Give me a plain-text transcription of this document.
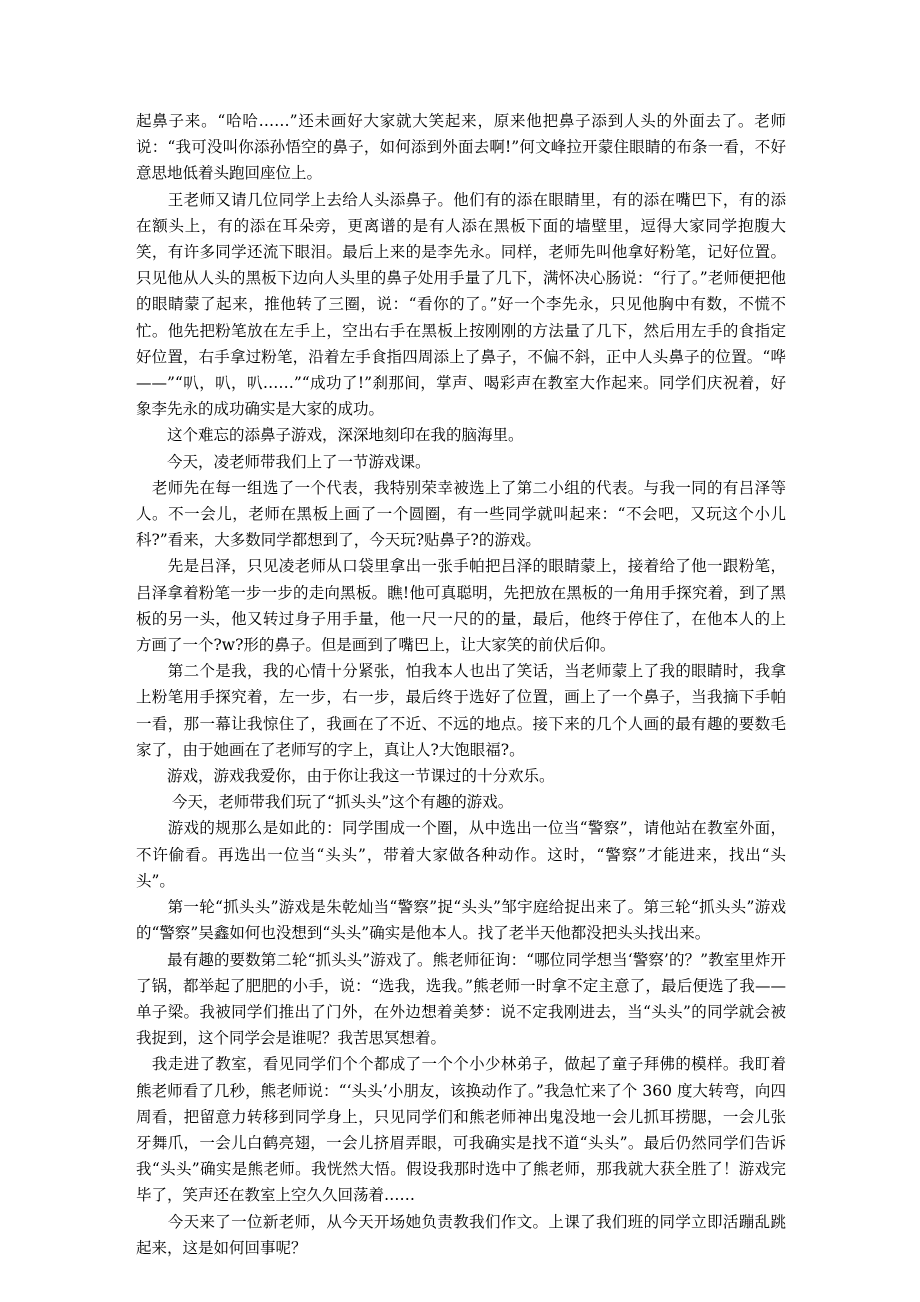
起鼻子来。“哈哈……”还未画好大家就大笑起来，原来他把鼻子添到人头的外面去了。老师说：“我可没叫你添孙悟空的鼻子，如何添到外面去啊!”何文峰拉开蒙住眼睛的布条一看，不好意思地低着头跑回座位上。

　　王老师又请几位同学上去给人头添鼻子。他们有的添在眼睛里，有的添在嘴巴下，有的添在额头上，有的添在耳朵旁，更离谱的是有人添在黑板下面的墙壁里，逗得大家同学抱腹大笑，有许多同学还流下眼泪。最后上来的是李先永。同样，老师先叫他拿好粉笔，记好位置。只见他从人头的黑板下边向人头里的鼻子处用手量了几下，满怀决心肠说：“行了。”老师便把他的眼睛蒙了起来，推他转了三圈，说：“看你的了。”好一个李先永，只见他胸中有数，不慌不忙。他先把粉笔放在左手上，空出右手在黑板上按刚刚的方法量了几下，然后用左手的食指定好位置，右手拿过粉笔，沿着左手食指四周添上了鼻子，不偏不斜，正中人头鼻子的位置。“哗——”“叭，叭，叭……”“成功了!”刹那间，掌声、喝彩声在教室大作起来。同学们庆祝着，好象李先永的成功确实是大家的成功。

　　这个难忘的添鼻子游戏，深深地刻印在我的脑海里。

　　今天，凌老师带我们上了一节游戏课。

　老师先在每一组选了一个代表，我特别荣幸被选上了第二小组的代表。与我一同的有吕泽等人。不一会儿，老师在黑板上画了一个圆圈，有一些同学就叫起来：“不会吧，又玩这个小儿科?”看来，大多数同学都想到了，今天玩?贴鼻子?的游戏。

　　先是吕泽，只见凌老师从口袋里拿出一张手帕把吕泽的眼睛蒙上，接着给了他一跟粉笔，吕泽拿着粉笔一步一步的走向黑板。瞧!他可真聪明，先把放在黑板的一角用手探究着，到了黑板的另一头，他又转过身子用手量，他一尺一尺的的量，最后，他终于停住了，在他本人的上方画了一个?w?形的鼻子。但是画到了嘴巴上，让大家笑的前伏后仰。

　　第二个是我，我的心情十分紧张，怕我本人也出了笑话，当老师蒙上了我的眼睛时，我拿上粉笔用手探究着，左一步，右一步，最后终于选好了位置，画上了一个鼻子，当我摘下手帕一看，那一幕让我惊住了，我画在了不近、不远的地点。接下来的几个人画的最有趣的要数毛家了，由于她画在了老师写的字上，真让人?大饱眼福?。

　　游戏，游戏我爱你，由于你让我这一节课过的十分欢乐。

　　 今天，老师带我们玩了“抓头头”这个有趣的游戏。

　　游戏的规那么是如此的：同学围成一个圈，从中选出一位当“警察”，请他站在教室外面，不许偷看。再选出一位当“头头”，带着大家做各种动作。这时，“警察”才能进来，找出“头头”。

　　第一轮“抓头头”游戏是朱乾灿当“警察”捉“头头”邹宇庭给捉出来了。第三轮“抓头头”游戏的“警察”吴鑫如何也没想到“头头”确实是他本人。找了老半天他都没把头头找出来。

　　最有趣的要数第二轮“抓头头”游戏了。熊老师征询：“哪位同学想当‘警察’的？”教室里炸开了锅，都举起了肥肥的小手，说：“选我，选我。”熊老师一时拿不定主意了，最后便选了我——单子梁。我被同学们推出了门外，在外边想着美梦：说不定我刚进去，当“头头”的同学就会被我捉到，这个同学会是谁呢？我苦思冥想着。

　我走进了教室，看见同学们个个都成了一个个小少林弟子，做起了童子拜佛的模样。我盯着熊老师看了几秒，熊老师说：“‘头头’小朋友，该换动作了。”我急忙来了个 360 度大转弯，向四周看，把留意力转移到同学身上，只见同学们和熊老师神出鬼没地一会儿抓耳捞腮，一会儿张牙舞爪，一会儿白鹤亮翅，一会儿挤眉弄眼，可我确实是找不道“头头”。最后仍然同学们告诉我“头头”确实是熊老师。我恍然大悟。假设我那时选中了熊老师，那我就大获全胜了！游戏完毕了，笑声还在教室上空久久回荡着……

　　今天来了一位新老师，从今天开场她负责教我们作文。上课了我们班的同学立即活蹦乱跳起来，这是如何回事呢？
